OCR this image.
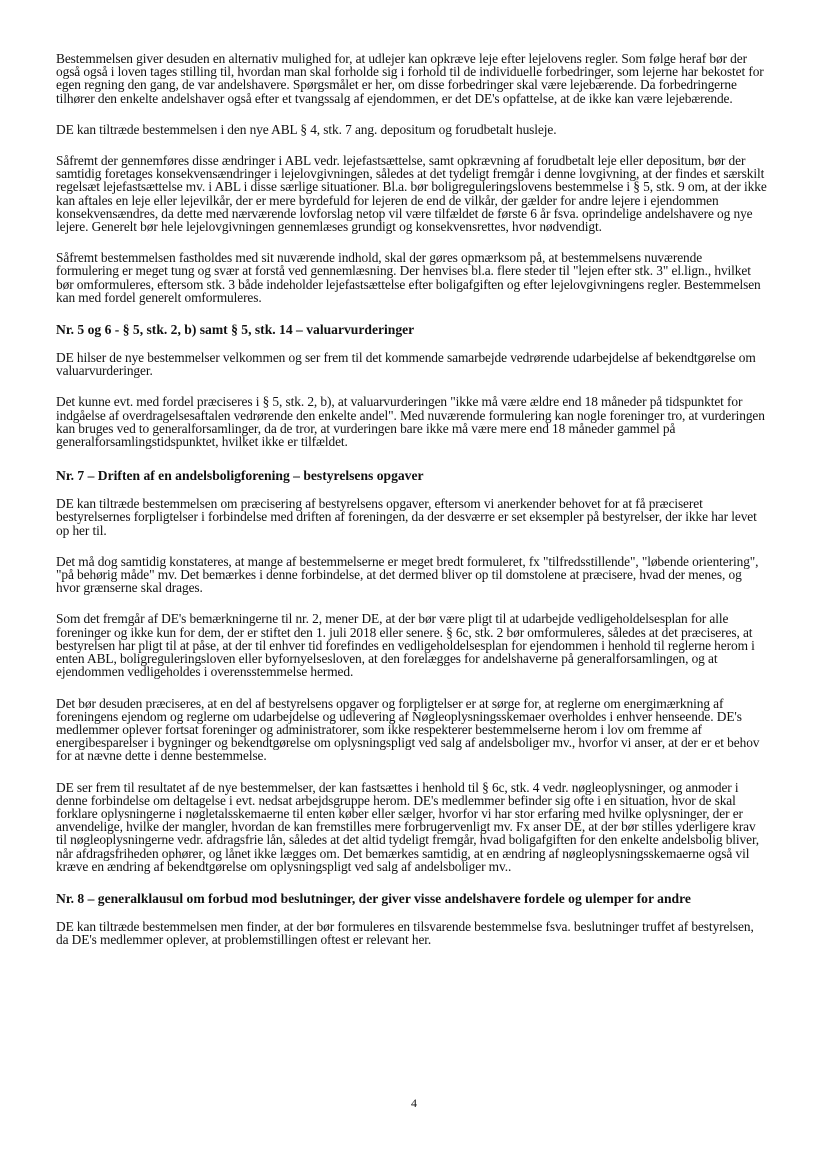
Bestemmelsen giver desuden en alternativ mulighed for, at udlejer kan opkræve leje efter lejelovens regler. Som følge heraf bør der også også i loven tages stilling til, hvordan man skal forholde sig i forhold til de individuelle forbedringer, som lejerne har bekostet for egen regning den gang, de var andelshavere. Spørgsmålet er her, om disse forbedringer skal være lejebærende. Da forbedringerne tilhører den enkelte andelshaver også efter et tvangssalg af ejendommen, er det DE's opfattelse, at de ikke kan være lejebærende.

DE kan tiltræde bestemmelsen i den nye ABL § 4, stk. 7 ang. depositum og forudbetalt husleje.

Såfremt der gennemføres disse ændringer i ABL vedr. lejefastsættelse, samt opkrævning af forudbetalt leje eller depositum, bør der samtidig foretages konsekvensændringer i lejelovgivningen, således at det tydeligt fremgår i denne lovgivning, at der findes et særskilt regelsæt lejefastsættelse mv. i ABL i disse særlige situationer. Bl.a. bør boligreguleringslovens bestemmelse i § 5, stk. 9 om, at der ikke kan aftales en leje eller lejevilkår, der er mere byrdefuld for lejeren de end de vilkår, der gælder for andre lejere i ejendommen konsekvensændres, da dette med nærværende lovforslag netop vil være tilfældet de første 6 år fsva. oprindelige andelshavere og nye lejere. Generelt bør hele lejelovgivningen gennemlæses grundigt og konsekvensrettes, hvor nødvendigt.

Såfremt bestemmelsen fastholdes med sit nuværende indhold, skal der gøres opmærksom på, at bestemmelsens nuværende formulering er meget tung og svær at forstå ved gennemlæsning. Der henvises bl.a. flere steder til "lejen efter stk. 3" el.lign., hvilket bør omformuleres, eftersom stk. 3 både indeholder lejefastsættelse efter boligafgiften og efter lejelovgivningens regler. Bestemmelsen kan med fordel generelt omformuleres.

Nr. 5 og 6 - § 5, stk. 2, b) samt § 5, stk. 14 – valuarvurderinger

DE hilser de nye bestemmelser velkommen og ser frem til det kommende samarbejde vedrørende udarbejdelse af bekendtgørelse om valuarvurderinger.

Det kunne evt. med fordel præciseres i § 5, stk. 2, b), at valuarvurderingen "ikke må være ældre end 18 måneder på tidspunktet for indgåelse af overdragelsesaftalen vedrørende den enkelte andel". Med nuværende formulering kan nogle foreninger tro, at vurderingen kan bruges ved to generalforsamlinger, da de tror, at vurderingen bare ikke må være mere end 18 måneder gammel på generalforsamlingstidspunktet, hvilket ikke er tilfældet.

Nr. 7 – Driften af en andelsboligforening – bestyrelsens opgaver

DE kan tiltræde bestemmelsen om præcisering af bestyrelsens opgaver, eftersom vi anerkender behovet for at få præciseret bestyrelsernes forpligtelser i forbindelse med driften af foreningen, da der desværre er set eksempler på bestyrelser, der ikke har levet op her til.

Det må dog samtidig konstateres, at mange af bestemmelserne er meget bredt formuleret, fx "tilfredsstillende", "løbende orientering", "på behørig måde" mv. Det bemærkes i denne forbindelse, at det dermed bliver op til domstolene at præcisere, hvad der menes, og hvor grænserne skal drages.

Som det fremgår af DE's bemærkningerne til nr. 2, mener DE, at der bør være pligt til at udarbejde vedligeholdelsesplan for alle foreninger og ikke kun for dem, der er stiftet den 1. juli 2018 eller senere. § 6c, stk. 2 bør omformuleres, således at det præciseres, at bestyrelsen har pligt til at påse, at der til enhver tid forefindes en vedligeholdelsesplan for ejendommen i henhold til reglerne herom i enten ABL, boligreguleringsloven eller byfornyelsesloven, at den forelægges for andelshaverne på generalforsamlingen, og at ejendommen vedligeholdes i overensstemmelse hermed.

Det bør desuden præciseres, at en del af bestyrelsens opgaver og forpligtelser er at sørge for, at reglerne om energimærkning af foreningens ejendom og reglerne om udarbejdelse og udlevering af Nøgleoplysningsskemaer overholdes i enhver henseende. DE's medlemmer oplever fortsat foreninger og administratorer, som ikke respekterer bestemmelserne herom i lov om fremme af energibesparelser i bygninger og bekendtgørelse om oplysningspligt ved salg af andelsboliger mv., hvorfor vi anser, at der er et behov for at nævne dette i denne bestemmelse.

DE ser frem til resultatet af de nye bestemmelser, der kan fastsættes i henhold til § 6c, stk. 4 vedr. nøgleoplysninger, og anmoder i denne forbindelse om deltagelse i evt. nedsat arbejdsgruppe herom. DE's medlemmer befinder sig ofte i en situation, hvor de skal forklare oplysningerne i nøgletalsskemaerne til enten køber eller sælger, hvorfor vi har stor erfaring med hvilke oplysninger, der er anvendelige, hvilke der mangler, hvordan de kan fremstilles mere forbrugervenligt mv. Fx anser DE, at der bør stilles yderligere krav til nøgleoplysningerne vedr. afdragsfrie lån, således at det altid tydeligt fremgår, hvad boligafgiften for den enkelte andelsbolig bliver, når afdragsfriheden ophører, og lånet ikke lægges om. Det bemærkes samtidig, at en ændring af nøgleoplysningsskemaerne også vil kræve en ændring af bekendtgørelse om oplysningspligt ved salg af andelsboliger mv..

Nr. 8 – generalklausul om forbud mod beslutninger, der giver visse andelshavere fordele og ulemper for andre

DE kan tiltræde bestemmelsen men finder, at der bør formuleres en tilsvarende bestemmelse fsva. beslutninger truffet af bestyrelsen, da DE's medlemmer oplever, at problemstillingen oftest er relevant her.

4
